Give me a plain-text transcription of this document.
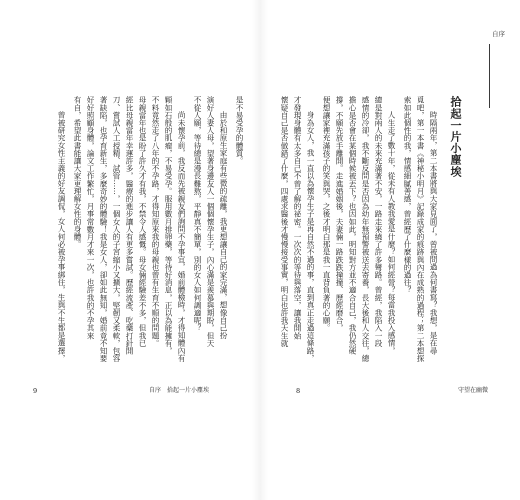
自序
拾起一片小塵埃
時隔兩年，第二本書將與大家見面了，曾被問過為何書寫？我想，是在尋
覓吧，第一本書《神秘小明月》記錄成家的痕跡與內在成熟的過程；第二本想探
索如此個性的我，情感細膩善感，曾經歷了什麼樣的過往？
人生走了數十年，從未有人教我愛是什麼？如何經營？每當我投入感情，
總是對兩人的未來充滿著不安，一路走來繞了許多彎路。曾經，我陷入一段
感情的冷卻，我不斷反問是否因為幼年無預警被送去寄養，長大後和人交往，總
擔心是否會在某個時候被丟下？也因如此，明知對方並不適合自己，我仍然硬
撐，不願先放手離開。走進婚姻後，夫妻倆一路跌跌撞撞、歷經磨合，
便想讓家裡充滿孩子的笑與哭，之後才明白那是我一直背負著的心願。
身為女人，我一直以為懷孕生子是再自然不過的事，直到真正走過這條路，
才發現身體有太多自己不曾了解的祕密。一次次的等待與落空，讓我開始
懷疑自己是否做錯了什麼，四處求醫後才慢慢接受事實，明白也許我天生就
8	守望在幽微
是不易受孕的體質。
由於和原生家庭有些微的疏離，我更想讓自己的家完滿，想像自己扮
演好人妻人母，望著身邊友人一個個懷孕生子，內心滿是羨慕與期盼，但天
不從人願，等待總是漫長難熬，平靜真不簡單，別的女人如何調適呢？
尚未懷孕前，我反而先被親友們詢問不孕事宜，婚前體檢時，才得知體內有
顆如石般的肌瘤，不易受孕。服用數月排卵藥，等待好消息，正以為能擁有，
不料竟然走了八年的不孕路，才得知原來我的母親也曾有生育不順的問題。
母親當年也是盼了許久才有我，不禁令人感慨。母女倆經驗差不多，但我已
經比母親當年幸運許多，醫療的進步讓人有更多嘗試。歷經流產、吃藥打針開
刀、嘗試人工授精、試管……，一個女人的子宮縮小又擴大，堅韌又柔軟，包容
著缺陷，也孕育新生，多麼奇妙的體驗！我是女人，卻如此無知，婚前竟不知要
好好照顧身體，論文工作繁忙，月事常數月才來一次，也許我的不孕其來
有自，希望此書能讓大家更理解女性的身體。
曾被研究女性主義的好友調侃，女人何必被孕事綁住，生與不生都是選擇，
9	自序 拾起一片小塵埃
